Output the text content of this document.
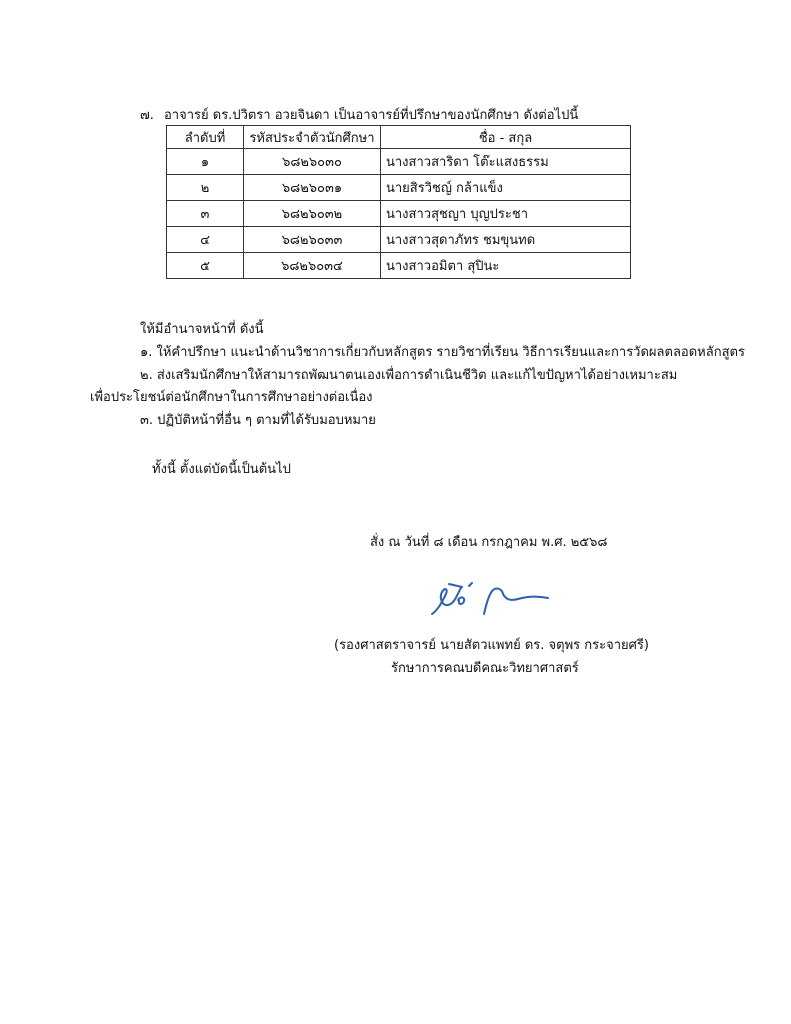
๗. อาจารย์ ดร.ปวิตรา อวยจินดา เป็นอาจารย์ที่ปรึกษาของนักศึกษา ดังต่อไปนี้
ลำดับที่	รหัสประจำตัวนักศึกษา	ชื่อ - สกุล
๑	๖๘๒๖๐๓๐	นางสาวสาริดา โต๊ะแสงธรรม
๒	๖๘๒๖๐๓๑	นายสิรวิชญ์ กล้าแข็ง
๓	๖๘๒๖๐๓๒	นางสาวสุชญา บุญประชา
๔	๖๘๒๖๐๓๓	นางสาวสุดาภัทร ชมขุนทด
๕	๖๘๒๖๐๓๔	นางสาวอมิตา สุปินะ
ให้มีอำนาจหน้าที่ ดังนี้
๑. ให้คำปรึกษา แนะนำด้านวิชาการเกี่ยวกับหลักสูตร รายวิชาที่เรียน วิธีการเรียนและการวัดผลตลอดหลักสูตร
๒. ส่งเสริมนักศึกษาให้สามารถพัฒนาตนเองเพื่อการดำเนินชีวิต และแก้ไขปัญหาได้อย่างเหมาะสม
เพื่อประโยชน์ต่อนักศึกษาในการศึกษาอย่างต่อเนื่อง
๓. ปฏิบัติหน้าที่อื่น ๆ ตามที่ได้รับมอบหมาย
ทั้งนี้ ตั้งแต่บัดนี้เป็นต้นไป
สั่ง ณ วันที่ ๘ เดือน กรกฎาคม พ.ศ. ๒๕๖๘
(รองศาสตราจารย์ นายสัตวแพทย์ ดร. จตุพร กระจายศรี)
รักษาการคณบดีคณะวิทยาศาสตร์
